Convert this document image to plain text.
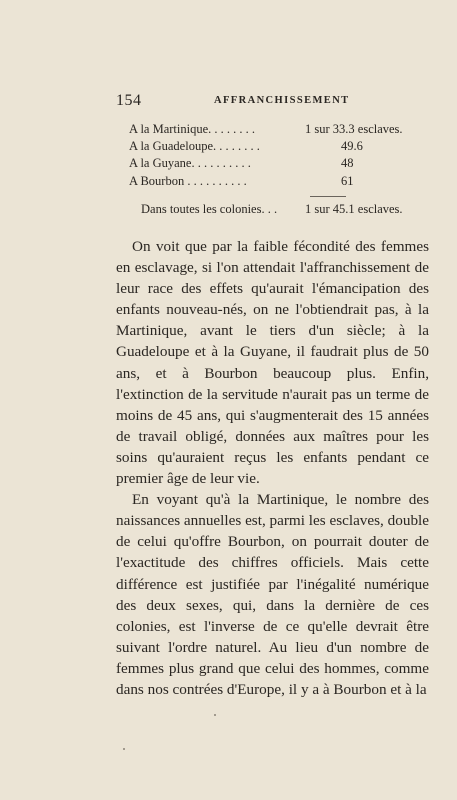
154	AFFRANCHISSEMENT
A la Martinique. . . . . . . .	1 sur 33.3 esclaves.
A la Guadeloupe. . . . . . . .	49.6
A la Guyane. . . . . . . . . .	48
A Bourbon . . . . . . . . . .	61
Dans toutes les colonies. . . 1 sur 45.1 esclaves.

On voit que par la faible fécondité des femmes en esclavage, si l'on attendait l'affranchissement de leur race des effets qu'aurait l'émancipation des enfants nouveau-nés, on ne l'obtiendrait pas, à la Martinique, avant le tiers d'un siècle; à la Guadeloupe et à la Guyane, il faudrait plus de 50 ans, et à Bourbon beaucoup plus. Enfin, l'extinction de la servitude n'aurait pas un terme de moins de 45 ans, qui s'augmenterait des 15 années de travail obligé, données aux maîtres pour les soins qu'auraient reçus les enfants pendant ce premier âge de leur vie.

En voyant qu'à la Martinique, le nombre des naissances annuelles est, parmi les esclaves, double de celui qu'offre Bourbon, on pourrait douter de l'exactitude des chiffres officiels. Mais cette différence est justifiée par l'inégalité numérique des deux sexes, qui, dans la dernière de ces colonies, est l'inverse de ce qu'elle devrait être suivant l'ordre naturel. Au lieu d'un nombre de femmes plus grand que celui des hommes, comme dans nos contrées d'Europe, il y a à Bourbon et à la
